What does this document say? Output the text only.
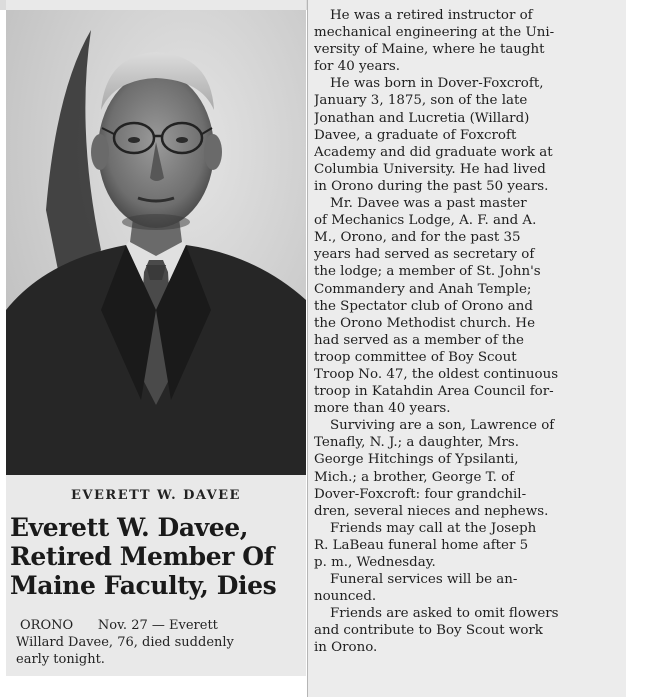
EVERETT W. DAVEE
Everett W. Davee,
Retired Member Of
Maine Faculty, Dies
ORONO      Nov. 27 — Everett
Willard Davee, 76, died suddenly
early tonight.
He was a retired instructor of
mechanical engineering at the Uni-
versity of Maine, where he taught
for 40 years.
He was born in Dover-Foxcroft,
January 3, 1875, son of the late
Jonathan and Lucretia (Willard)
Davee, a graduate of Foxcroft
Academy and did graduate work at
Columbia University. He had lived
in Orono during the past 50 years.
Mr. Davee was a past master
of Mechanics Lodge, A. F. and A.
M., Orono, and for the past 35
years had served as secretary of
the lodge; a member of St. John's
Commandery and Anah Temple;
the Spectator club of Orono and
the Orono Methodist church. He
had served as a member of the
troop committee of Boy Scout
Troop No. 47, the oldest continuous
troop in Katahdin Area Council for-
more than 40 years.
Surviving are a son, Lawrence of
Tenafly, N. J.; a daughter, Mrs.
George Hitchings of Ypsilanti,
Mich.; a brother, George T. of
Dover-Foxcroft: four grandchil-
dren, several nieces and nephews.
Friends may call at the Joseph
R. LaBeau funeral home after 5
p. m., Wednesday.
Funeral services will be an-
nounced.
Friends are asked to omit flowers
and contribute to Boy Scout work
in Orono.
